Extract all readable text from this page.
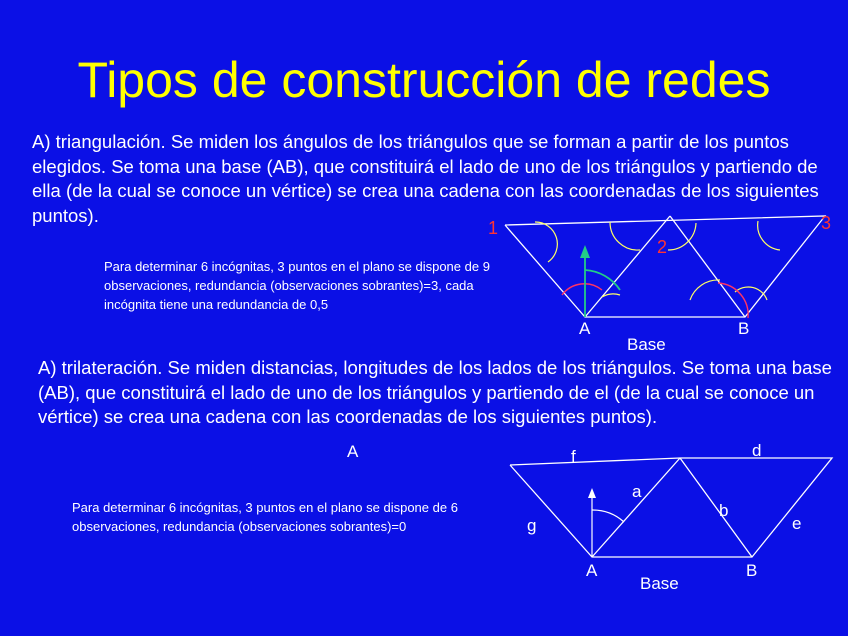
Tipos de construcción de redes
A) triangulación. Se miden los ángulos de los triángulos que se forman a partir de los puntos elegidos. Se toma una base (AB), que constituirá el lado de uno de los triángulos y partiendo de ella (de la cual se conoce un vértice) se crea una cadena con las coordenadas de los siguientes puntos).
Para determinar 6 incógnitas, 3 puntos en el plano se dispone de 9 observaciones, redundancia (observaciones sobrantes)=3, cada incógnita tiene una redundancia de 0,5
A) trilateración. Se miden distancias, longitudes de los lados de los triángulos. Se toma una base (AB), que constituirá el lado de uno de los triángulos y partiendo de el (de la cual se conoce un vértice) se crea una cadena con las coordenadas de los siguientes puntos).
Para determinar 6 incógnitas, 3 puntos en el plano se dispone de 6 observaciones, redundancia (observaciones sobrantes)=0
1
2
3
A	B
Base
A	f	d
a
b
g	e
A	B
Base
